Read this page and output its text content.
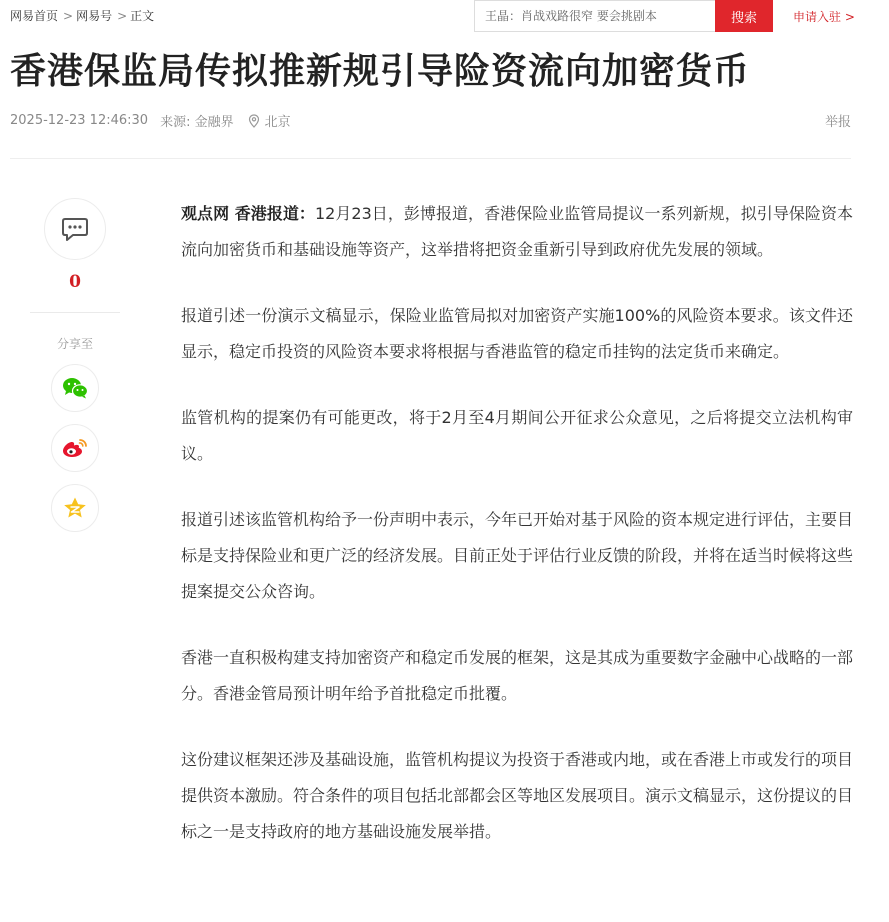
网易首页 > 网易号 > 正文
王晶：肖战戏路很窄 要会挑剧本	搜索	申请入驻 >
香港保监局传拟推新规引导险资流向加密货币
2025-12-23 12:46:30 来源: 金融界 北京	举报
0
分享至

观点网 香港报道：12月23日，彭博报道，香港保险业监管局提议一系列新规，拟引导保险资本流向加密货币和基础设施等资产，这举措将把资金重新引导到政府优先发展的领域。

报道引述一份演示文稿显示，保险业监管局拟对加密资产实施100%的风险资本要求。该文件还显示，稳定币投资的风险资本要求将根据与香港监管的稳定币挂钩的法定货币来确定。

监管机构的提案仍有可能更改，将于2月至4月期间公开征求公众意见，之后将提交立法机构审议。

报道引述该监管机构给予一份声明中表示，今年已开始对基于风险的资本规定进行评估，主要目标是支持保险业和更广泛的经济发展。目前正处于评估行业反馈的阶段，并将在适当时候将这些提案提交公众咨询。

香港一直积极构建支持加密资产和稳定币发展的框架，这是其成为重要数字金融中心战略的一部分。香港金管局预计明年给予首批稳定币批覆。

这份建议框架还涉及基础设施，监管机构提议为投资于香港或内地，或在香港上市或发行的项目提供资本激励。符合条件的项目包括北部都会区等地区发展项目。演示文稿显示，这份提议的目标之一是支持政府的地方基础设施发展举措。
